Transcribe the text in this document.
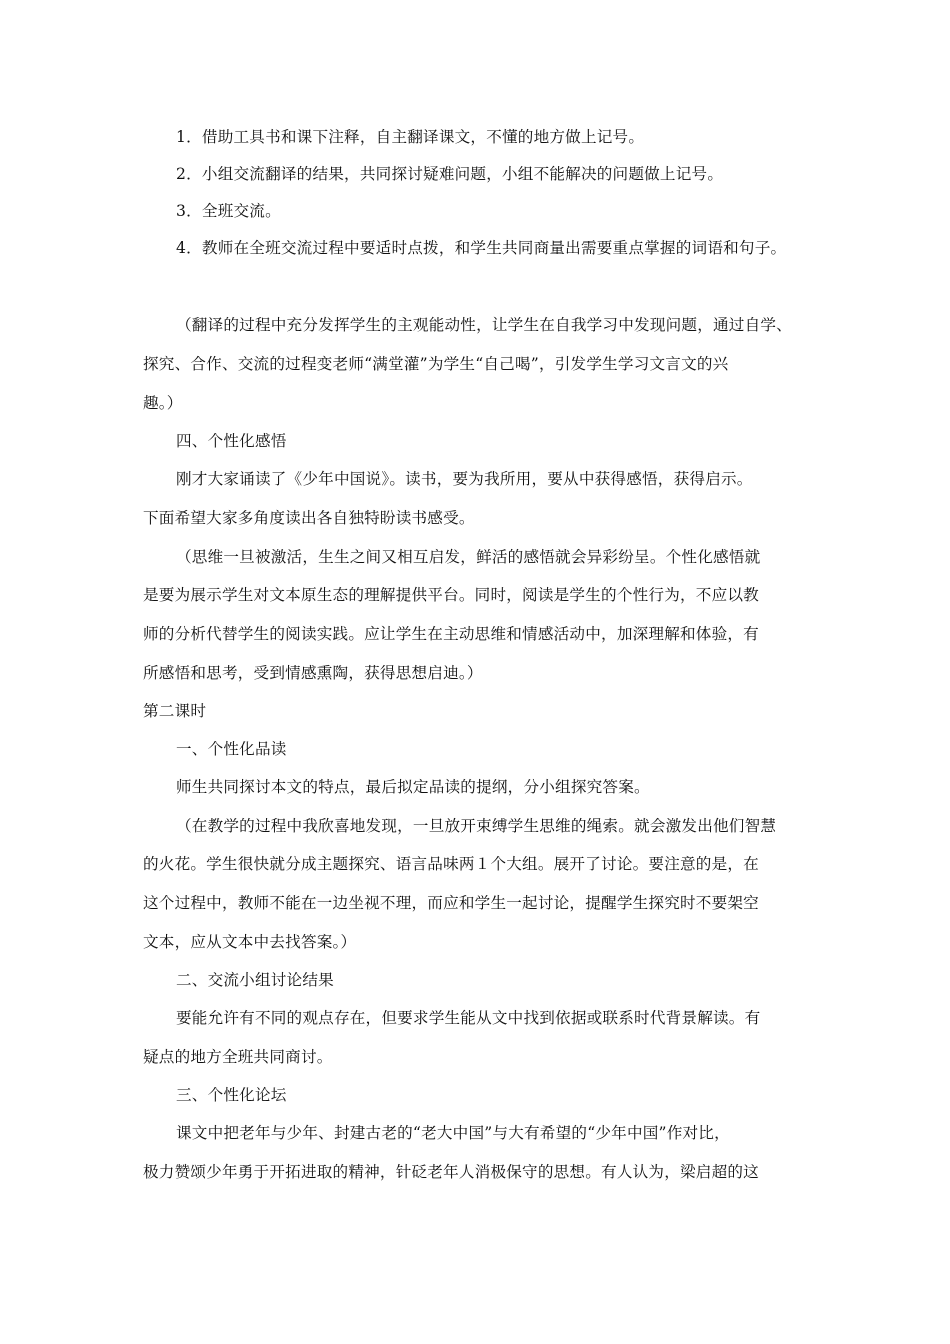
1．借助工具书和课下注释，自主翻译课文，不懂的地方做上记号。
2．小组交流翻译的结果，共同探讨疑难问题，小组不能解决的问题做上记号。
3．全班交流。
4．教师在全班交流过程中要适时点拨，和学生共同商量出需要重点掌握的词语和句子。
（翻译的过程中充分发挥学生的主观能动性，让学生在自我学习中发现问题，通过自学、
探究、合作、交流的过程变老师“满堂灌”为学生“自己喝”，引发学生学习文言文的兴
趣。）
四、个性化感悟
刚才大家诵读了《少年中国说》。读书，要为我所用，要从中获得感悟，获得启示。
下面希望大家多角度读出各自独特盼读书感受。
（思维一旦被激活，生生之间又相互启发，鲜活的感悟就会异彩纷呈。个性化感悟就
是要为展示学生对文本原生态的理解提供平台。同时，阅读是学生的个性行为，不应以教
师的分析代替学生的阅读实践。应让学生在主动思维和情感活动中，加深理解和体验，有
所感悟和思考，受到情感熏陶，获得思想启迪。）
第二课时
一、个性化品读
师生共同探讨本文的特点，最后拟定品读的提纲，分小组探究答案。
（在教学的过程中我欣喜地发现，一旦放开束缚学生思维的绳索。就会激发出他们智慧
的火花。学生很快就分成主题探究、语言品味两１个大组。展开了讨论。要注意的是，在
这个过程中，教师不能在一边坐视不理，而应和学生一起讨论，提醒学生探究时不要架空
文本，应从文本中去找答案。）
二、交流小组讨论结果
要能允许有不同的观点存在，但要求学生能从文中找到依据或联系时代背景解读。有
疑点的地方全班共同商讨。
三、个性化论坛
课文中把老年与少年、封建古老的“老大中国”与大有希望的“少年中国”作对比，
极力赞颂少年勇于开拓进取的精神，针砭老年人消极保守的思想。有人认为，梁启超的这
